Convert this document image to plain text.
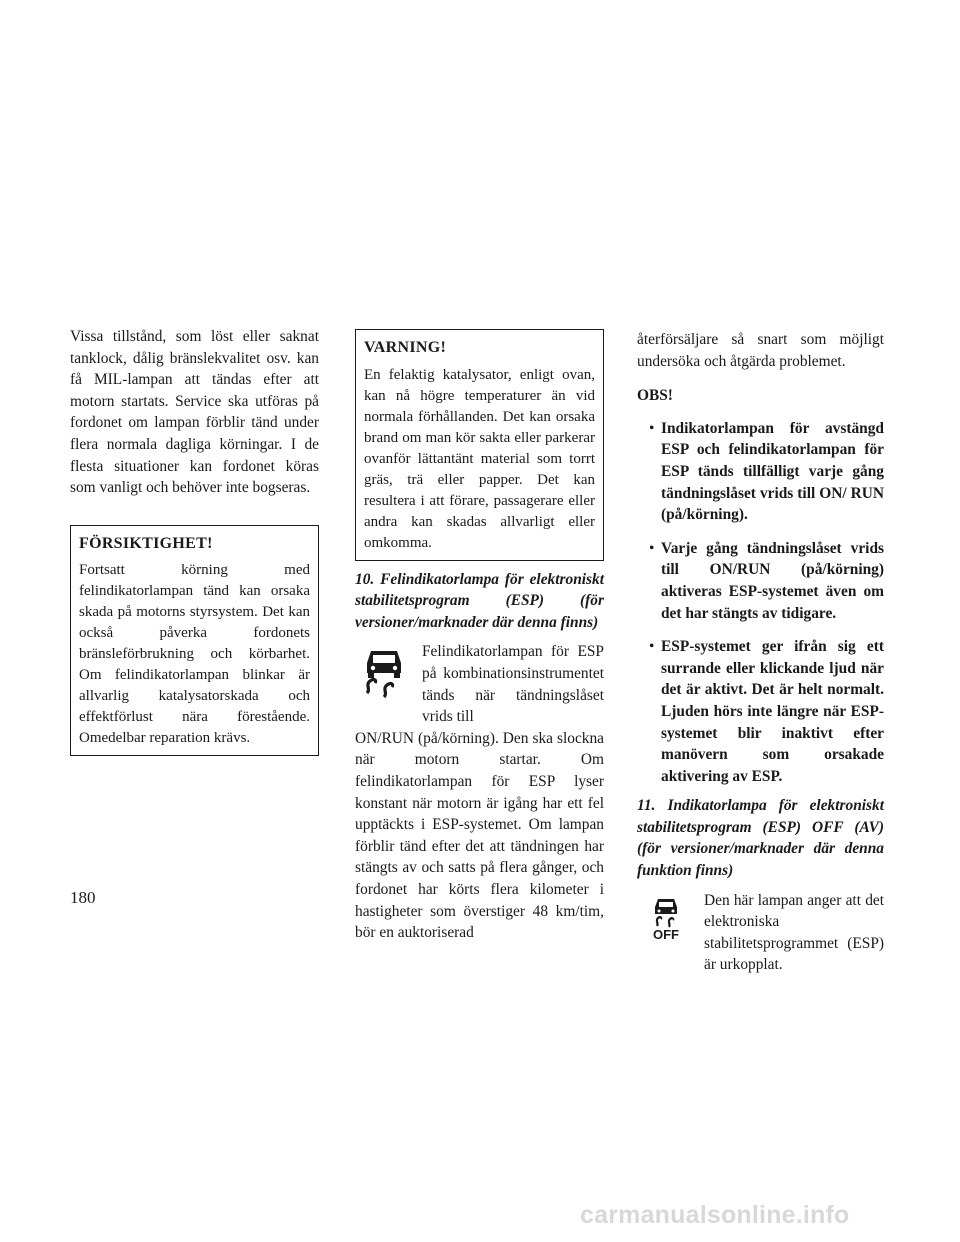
Vissa tillstånd, som löst eller saknat tanklock, dålig bränslekvalitet osv. kan få MIL-lampan att tändas efter att motorn startats. Service ska utföras på fordonet om lampan förblir tänd under flera normala dagliga körningar. I de flesta situationer kan fordonet köras som vanligt och behöver inte bogseras.

FÖRSIKTIGHET!

Fortsatt körning med felindikatorlampan tänd kan orsaka skada på motorns styrsystem. Det kan också påverka fordonets bränsleförbrukning och körbarhet. Om felindikatorlampan blinkar är allvarlig katalysatorskada och effektförlust nära förestående. Omedelbar reparation krävs.

VARNING!

En felaktig katalysator, enligt ovan, kan nå högre temperaturer än vid normala förhållanden. Det kan orsaka brand om man kör sakta eller parkerar ovanför lättantänt material som torrt gräs, trä eller papper. Det kan resultera i att förare, passagerare eller andra kan skadas allvarligt eller omkomma.

10. Felindikatorlampa för elektroniskt stabilitetsprogram (ESP) (för versioner/marknader där denna finns)

Felindikatorlampan för ESP på kombinationsinstrumentet tänds när tändningslåset vrids till

ON/RUN (på/körning). Den ska slockna när motorn startar. Om felindikatorlampan för ESP lyser konstant när motorn är igång har ett fel upptäckts i ESP-systemet. Om lampan förblir tänd efter det att tändningen har stängts av och satts på flera gånger, och fordonet har körts flera kilometer i hastigheter som överstiger 48 km/tim, bör en auktoriserad

återförsäljare så snart som möjligt undersöka och åtgärda problemet.

OBS!

• Indikatorlampan för avstängd ESP och felindikatorlampan för ESP tänds tillfälligt varje gång tändningslåset vrids till ON/ RUN (på/körning).
• Varje gång tändningslåset vrids till ON/RUN (på/körning) aktiveras ESP-systemet även om det har stängts av tidigare.
• ESP-systemet ger ifrån sig ett surrande eller klickande ljud när det är aktivt. Det är helt normalt. Ljuden hörs inte längre när ESP-systemet blir inaktivt efter manövern som orsakade aktivering av ESP.

11. Indikatorlampa för elektroniskt stabilitetsprogram (ESP) OFF (AV) (för versioner/marknader där denna funktion finns)

OFF

Den här lampan anger att det elektroniska stabilitetsprogrammet (ESP) är urkopplat.

180
carmanualsonline.info
